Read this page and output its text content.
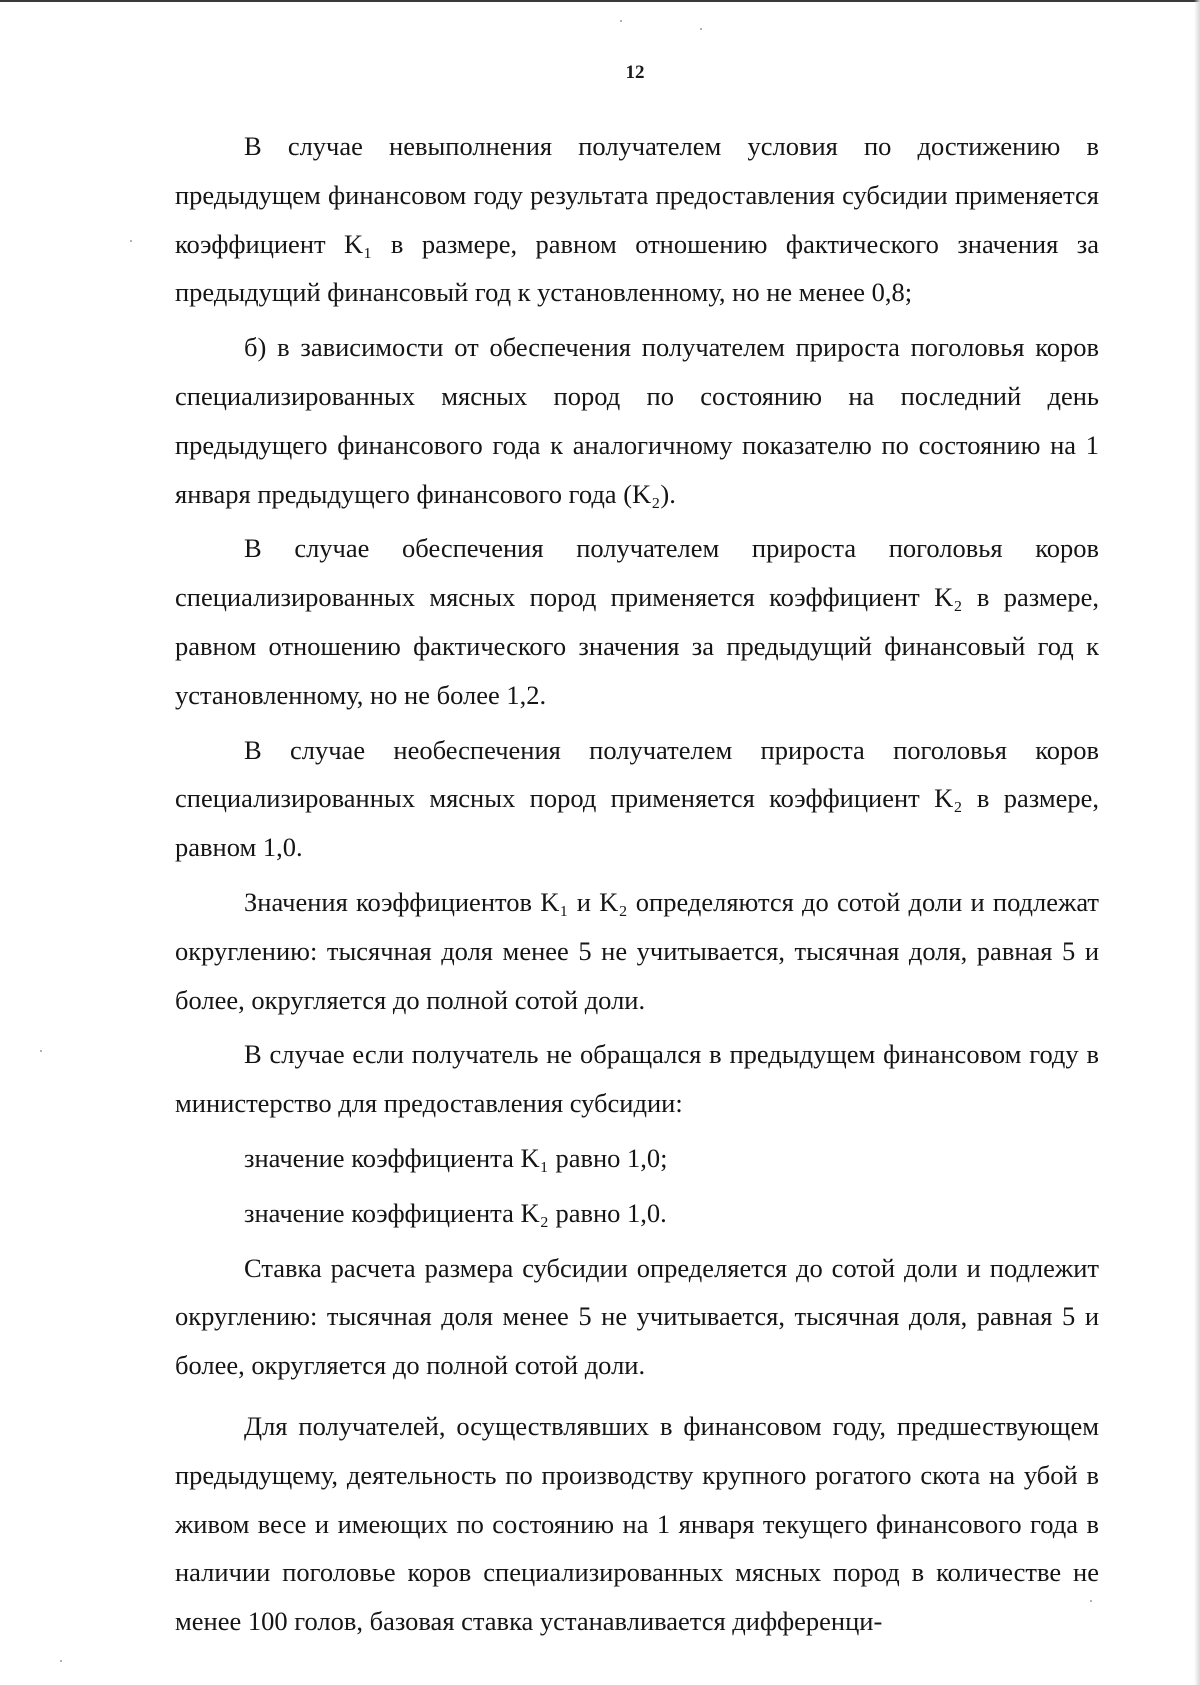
12

В случае невыполнения получателем условия по достижению в предыдущем финансовом году результата предоставления субсидии применяется коэффициент K₁ в размере, равном отношению фактического значения за предыдущий финансовый год к установленному, но не менее 0,8;

б) в зависимости от обеспечения получателем прироста поголовья коров специализированных мясных пород по состоянию на последний день предыдущего финансового года к аналогичному показателю по состоянию на 1 января предыдущего финансового года (K₂).

В случае обеспечения получателем прироста поголовья коров специализированных мясных пород применяется коэффициент K₂ в размере, равном отношению фактического значения за предыдущий финансовый год к установленному, но не более 1,2.

В случае необеспечения получателем прироста поголовья коров специализированных мясных пород применяется коэффициент K₂ в размере, равном 1,0.

Значения коэффициентов K₁ и K₂ определяются до сотой доли и подлежат округлению: тысячная доля менее 5 не учитывается, тысячная доля, равная 5 и более, округляется до полной сотой доли.

В случае если получатель не обращался в предыдущем финансовом году в министерство для предоставления субсидии:

значение коэффициента K₁ равно 1,0;

значение коэффициента K₂ равно 1,0.

Ставка расчета размера субсидии определяется до сотой доли и подлежит округлению: тысячная доля менее 5 не учитывается, тысячная доля, равная 5 и более, округляется до полной сотой доли.

Для получателей, осуществлявших в финансовом году, предшествующем предыдущему, деятельность по производству крупного рогатого скота на убой в живом весе и имеющих по состоянию на 1 января текущего финансового года в наличии поголовье коров специализированных мясных пород в количестве не менее 100 голов, базовая ставка устанавливается дифференци-
